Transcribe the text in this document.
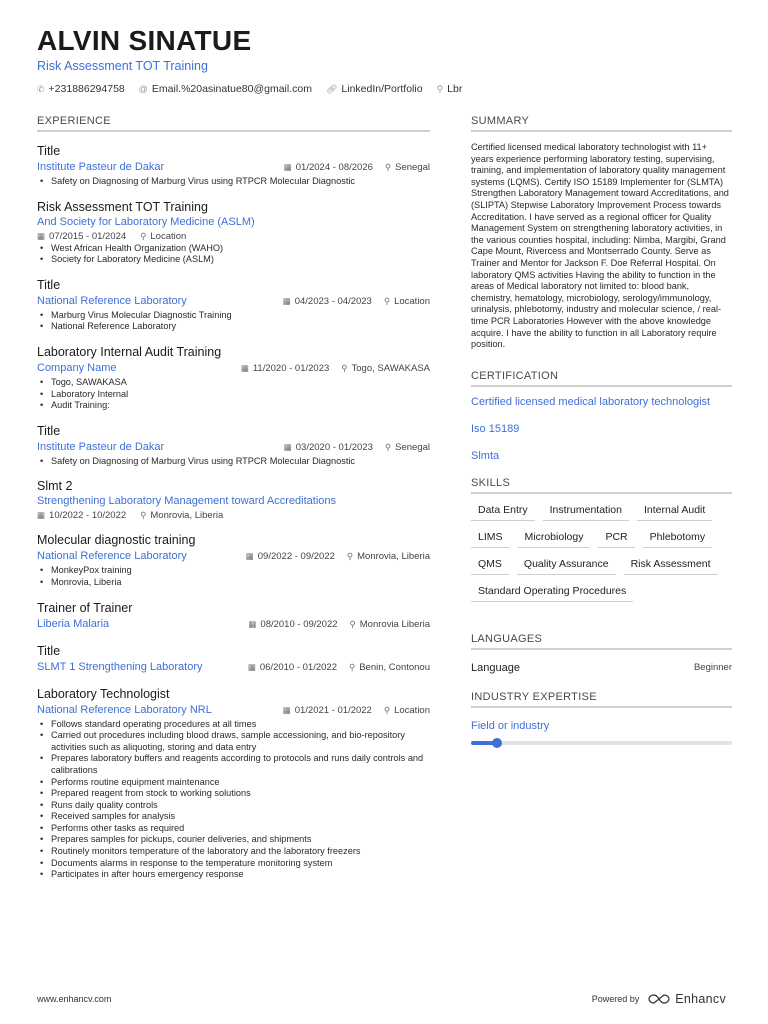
ALVIN SINATUE
Risk Assessment TOT Training
✆ +231886294758 @ Email.%20asinatue80@gmail.com 🔗︎ LinkedIn/Portfolio ⚲ Lbr
EXPERIENCE
Title
Institute Pasteur de Dakar	▦ 01/2024 - 08/2026 ⚲ Senegal
• Safety on Diagnosing of Marburg Virus using RTPCR Molecular Diagnostic
Risk Assessment TOT Training
And Society for Laboratory Medicine (ASLM)
▦ 07/2015 - 01/2024 ⚲ Location
• West African Health Organization (WAHO)
• Society for Laboratory Medicine (ASLM)
Title
National Reference Laboratory	▦ 04/2023 - 04/2023 ⚲ Location
• Marburg Virus Molecular Diagnostic Training
• National Reference Laboratory
Laboratory Internal Audit Training
Company Name	▦ 11/2020 - 01/2023 ⚲ Togo, SAWAKASA
• Togo, SAWAKASA
• Laboratory Internal
• Audit Training:
Title
Institute Pasteur de Dakar	▦ 03/2020 - 01/2023 ⚲ Senegal
• Safety on Diagnosing of Marburg Virus using RTPCR Molecular Diagnostic
Slmt 2
Strengthening Laboratory Management toward Accreditations
▦ 10/2022 - 10/2022 ⚲ Monrovia, Liberia
Molecular diagnostic training
National Reference Laboratory	▦ 09/2022 - 09/2022 ⚲ Monrovia, Liberia
• MonkeyPox training
• Monrovia, Liberia
Trainer of Trainer
Liberia Malaria	▦ 08/2010 - 09/2022 ⚲ Monrovia Liberia
Title
SLMT 1 Strengthening Laboratory	▦ 06/2010 - 01/2022 ⚲ Benin, Contonou
Laboratory Technologist
National Reference Laboratory NRL	▦ 01/2021 - 01/2022 ⚲ Location
• Follows standard operating procedures at all times
• Carried out procedures including blood draws, sample accessioning, and bio-repository activities such as aliquoting, storing and data entry
• Prepares laboratory buffers and reagents according to protocols and runs daily controls and calibrations
• Performs routine equipment maintenance
• Prepared reagent from stock to working solutions
• Runs daily quality controls
• Received samples for analysis
• Performs other tasks as required
• Prepares samples for pickups, courier deliveries, and shipments
• Routinely monitors temperature of the laboratory and the laboratory freezers
• Documents alarms in response to the temperature monitoring system
• Participates in after hours emergency response
SUMMARY
Certified licensed medical laboratory technologist with 11+ years experience performing laboratory testing, supervising, training, and implementation of laboratory quality management systems (LQMS). Certify ISO 15189 Implementer for (SLMTA) Strengthen Laboratory Management toward Accreditations, and (SLIPTA) Stepwise Laboratory Improvement Process towards Accreditation. I have served as a regional officer for Quality Management System on strengthening laboratory activities, in the various counties hospital, including: Nimba, Margibi, Grand Cape Mount, Rivercess and Montserrado County. Serve as Trainer and Mentor for Jackson F. Doe Referral Hospital. On laboratory QMS activities Having the ability to function in the areas of Medical laboratory not limited to: blood bank, chemistry, hematology, microbiology, serology/immunology, urinalysis, phlebotomy, industry and molecular science, / real-time PCR Laboratories However with the above knowledge acquire. I have the ability to function in all Laboratory require position.
CERTIFICATION
Certified licensed medical laboratory technologist
Iso 15189
Slmta
SKILLS
Data Entry	Instrumentation	Internal Audit
LIMS	Microbiology	PCR	Phlebotomy
QMS	Quality Assurance	Risk Assessment
Standard Operating Procedures
LANGUAGES
Language	Beginner
INDUSTRY EXPERTISE
Field or industry
www.enhancv.com	Powered by	Enhancv
